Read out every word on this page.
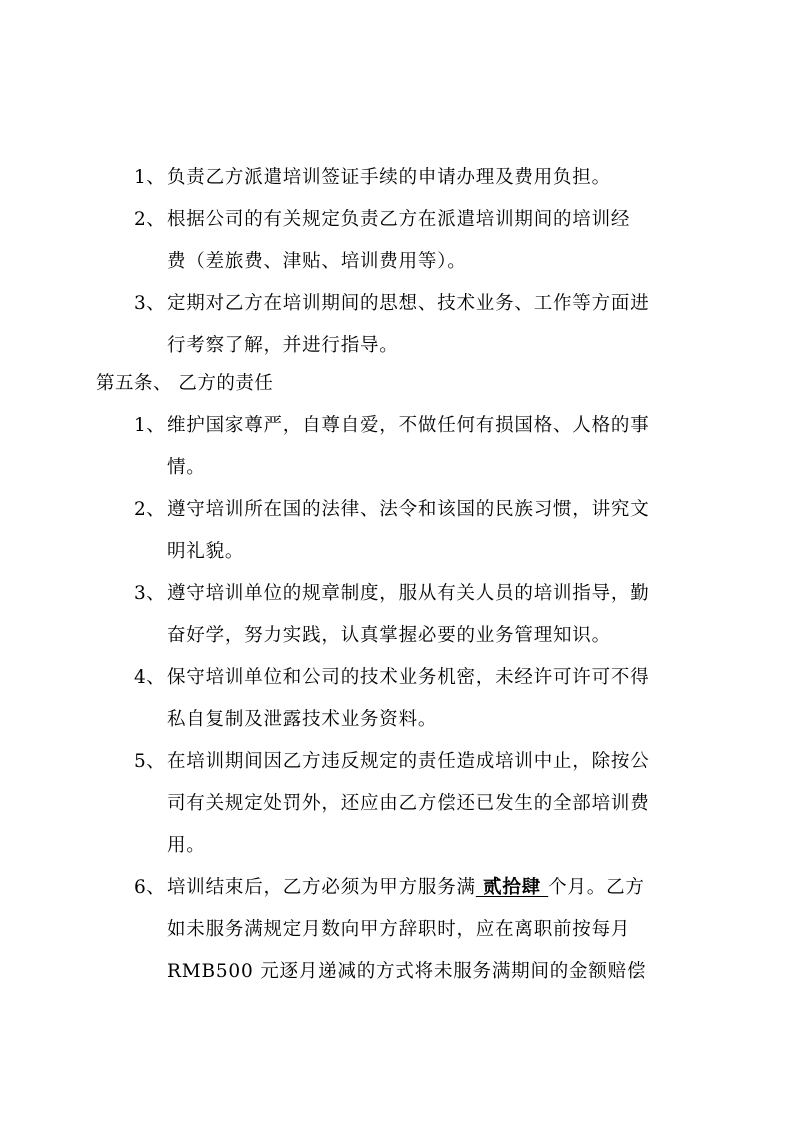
1、 负责乙方派遣培训签证手续的申请办理及费用负担。
2、 根据公司的有关规定负责乙方在派遣培训期间的培训经
费（差旅费、津贴、培训费用等）。
3、 定期对乙方在培训期间的思想、技术业务、工作等方面进
行考察了解，并进行指导。
第五条、 乙方的责任
1、 维护国家尊严，自尊自爱，不做任何有损国格、人格的事
情。
2、 遵守培训所在国的法律、法令和该国的民族习惯，讲究文
明礼貌。
3、 遵守培训单位的规章制度，服从有关人员的培训指导，勤
奋好学，努力实践，认真掌握必要的业务管理知识。
4、 保守培训单位和公司的技术业务机密，未经许可许可不得
私自复制及泄露技术业务资料。
5、 在培训期间因乙方违反规定的责任造成培训中止，除按公
司有关规定处罚外，还应由乙方偿还已发生的全部培训费
用。
6、 培训结束后，乙方必须为甲方服务满 贰拾肆 个月。乙方
如未服务满规定月数向甲方辞职时，应在离职前按每月
RMB500 元逐月递减的方式将未服务满期间的金额赔偿
